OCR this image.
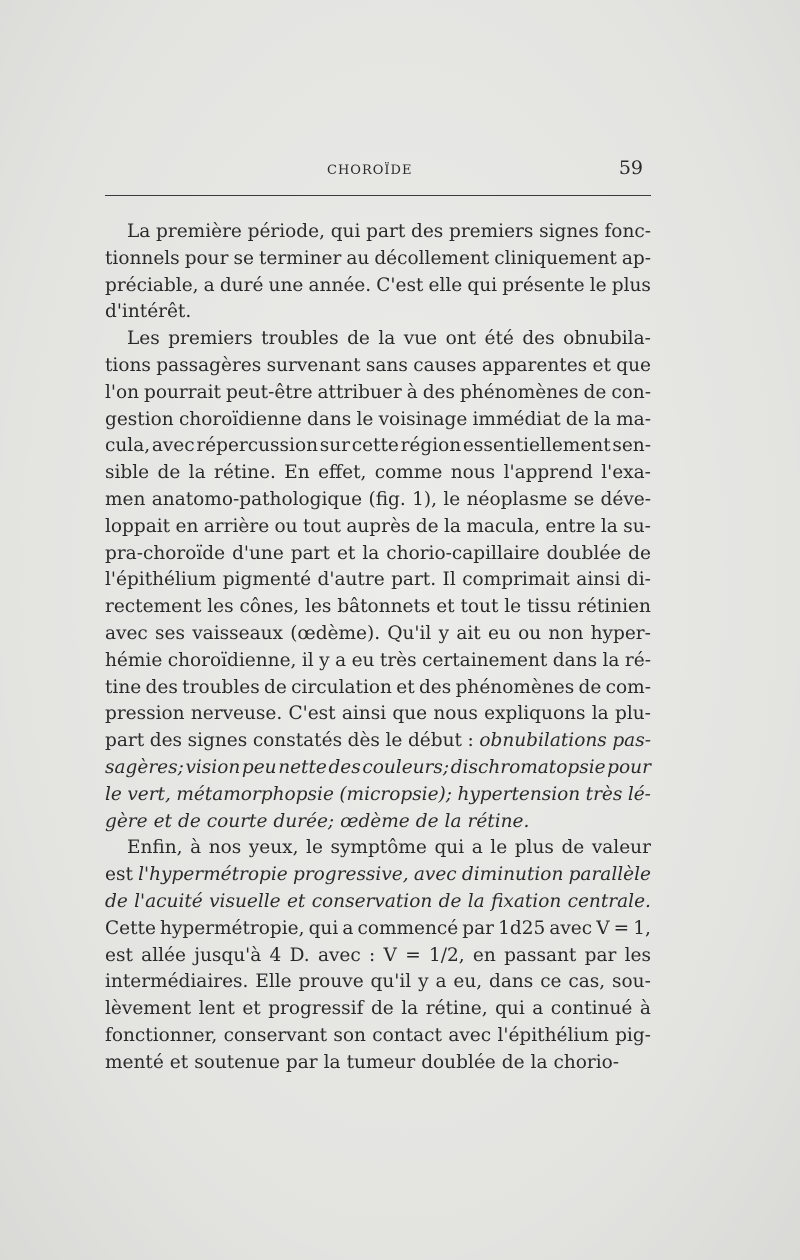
CHOROÏDE	59
La première période, qui part des premiers signes fonc-
tionnels pour se terminer au décollement cliniquement ap-
préciable, a duré une année. C'est elle qui présente le plus
d'intérêt.
Les premiers troubles de la vue ont été des obnubila-
tions passagères survenant sans causes apparentes et que
l'on pourrait peut-être attribuer à des phénomènes de con-
gestion choroïdienne dans le voisinage immédiat de la ma-
cula, avec répercussion sur cette région essentiellement sen-
sible de la rétine. En effet, comme nous l'apprend l'exa-
men anatomo-pathologique (fig. 1), le néoplasme se déve-
loppait en arrière ou tout auprès de la macula, entre la su-
pra-choroïde d'une part et la chorio-capillaire doublée de
l'épithélium pigmenté d'autre part. Il comprimait ainsi di-
rectement les cônes, les bâtonnets et tout le tissu rétinien
avec ses vaisseaux (œdème). Qu'il y ait eu ou non hyper-
hémie choroïdienne, il y a eu très certainement dans la ré-
tine des troubles de circulation et des phénomènes de com-
pression nerveuse. C'est ainsi que nous expliquons la plu-
part des signes constatés dès le début : obnubilations pas-
sagères; vision peu nette des couleurs; dischromatopsie pour
le vert, métamorphopsie (micropsie); hypertension très lé-
gère et de courte durée; œdème de la rétine.
Enfin, à nos yeux, le symptôme qui a le plus de valeur
est l'hypermétropie progressive, avec diminution parallèle
de l'acuité visuelle et conservation de la fixation centrale.
Cette hypermétropie, qui a commencé par 1d25 avec V = 1,
est allée jusqu'à 4 D. avec : V = 1/2, en passant par les
intermédiaires. Elle prouve qu'il y a eu, dans ce cas, sou-
lèvement lent et progressif de la rétine, qui a continué à
fonctionner, conservant son contact avec l'épithélium pig-
menté et soutenue par la tumeur doublée de la chorio-
